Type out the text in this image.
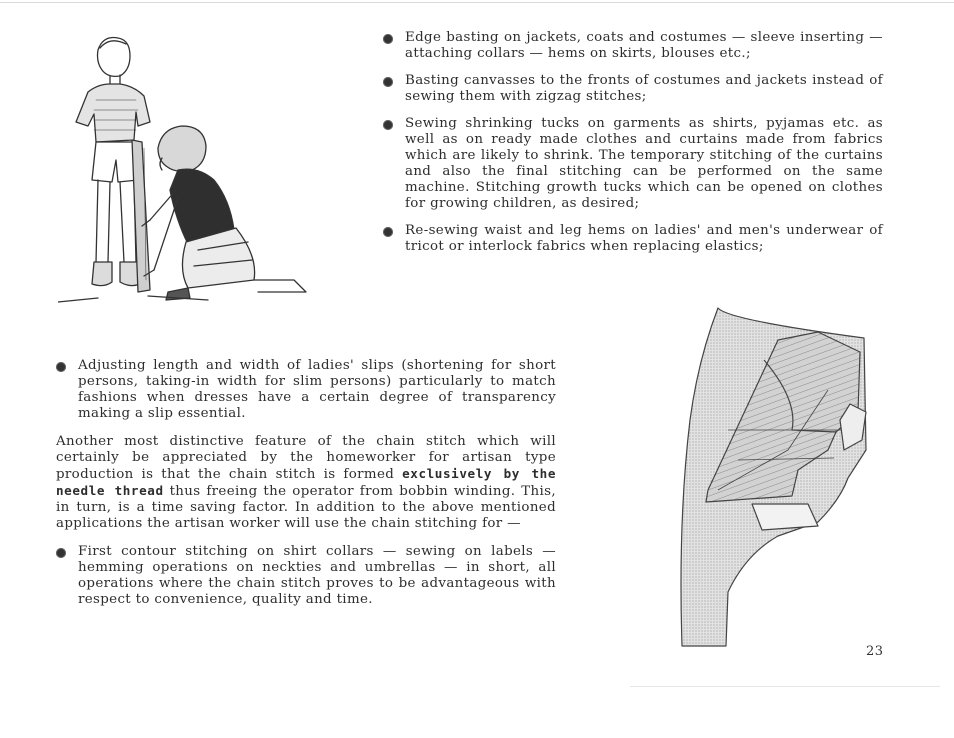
Edge basting on jackets, coats and costumes — sleeve inserting — attaching collars — hems on skirts, blouses etc.;
Basting canvasses to the fronts of costumes and jackets instead of sewing them with zigzag stitches;
Sewing shrinking tucks on garments as shirts, pyjamas etc. as well as on ready made clothes and curtains made from fabrics which are likely to shrink. The temporary stitching of the curtains and also the final stitching can be performed on the same machine. Stitching growth tucks which can be opened on clothes for growing children, as desired;
Re-sewing waist and leg hems on ladies' and men's underwear of tricot or interlock fabrics when replacing elastics;
Adjusting length and width of ladies' slips (shortening for short persons, taking-in width for slim persons) particularly to match fashions when dresses have a certain degree of transparency making a slip essential.

Another most distinctive feature of the chain stitch which will certainly be appreciated by the homeworker for artisan type production is that the chain stitch is formed exclusively by the needle thread thus freeing the operator from bobbin winding. This, in turn, is a time saving factor. In addition to the above mentioned applications the artisan worker will use the chain stitching for —

First contour stitching on shirt collars — sewing on labels — hemming operations on neckties and umbrellas — in short, all operations where the chain stitch proves to be advantageous with respect to convenience, quality and time.
23
